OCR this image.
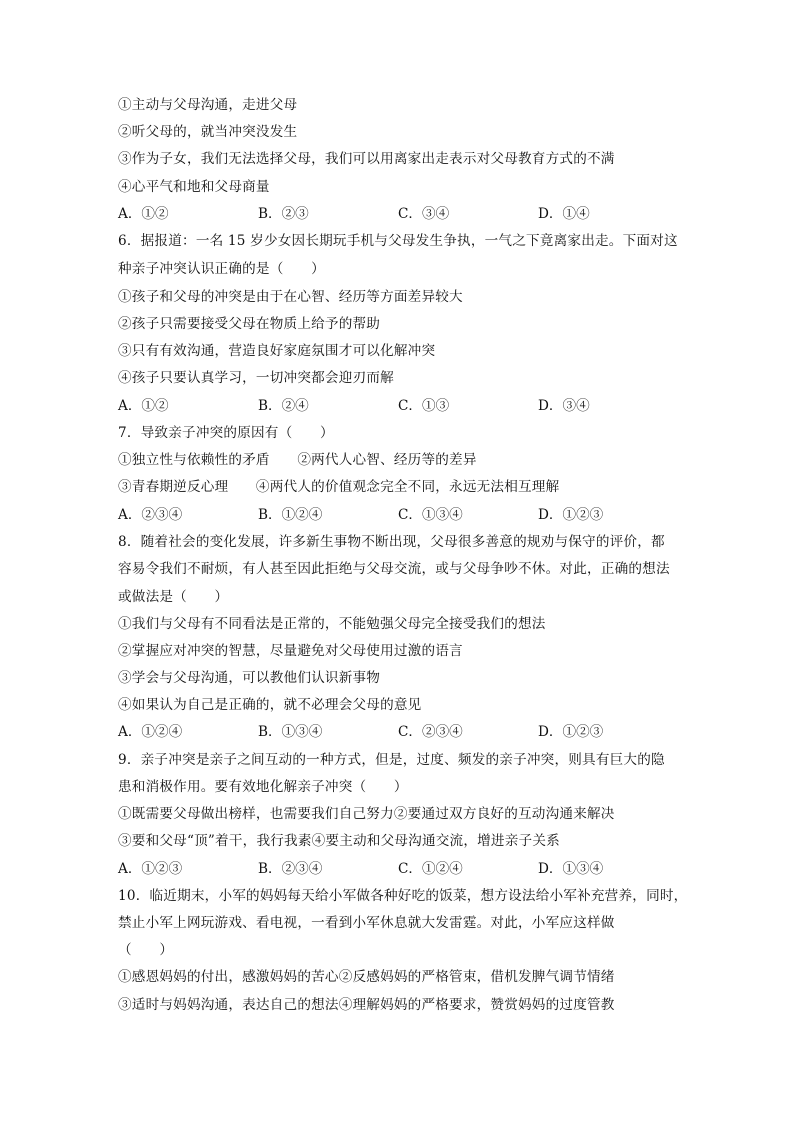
①主动与父母沟通，走进父母
②听父母的，就当冲突没发生
③作为子女，我们无法选择父母，我们可以用离家出走表示对父母教育方式的不满
④心平气和地和父母商量
A．①②	B．②③	C．③④	D．①④
6．据报道：一名 15 岁少女因长期玩手机与父母发生争执，一气之下竟离家出走。下面对这
种亲子冲突认识正确的是（　　）
①孩子和父母的冲突是由于在心智、经历等方面差异较大
②孩子只需要接受父母在物质上给予的帮助
③只有有效沟通，营造良好家庭氛围才可以化解冲突
④孩子只要认真学习，一切冲突都会迎刃而解
A．①②	B．②④	C．①③	D．③④
7．导致亲子冲突的原因有（　　）
①独立性与依赖性的矛盾　　②两代人心智、经历等的差异
③青春期逆反心理　　④两代人的价值观念完全不同，永远无法相互理解
A．②③④	B．①②④	C．①③④	D．①②③
8．随着社会的变化发展，许多新生事物不断出现，父母很多善意的规劝与保守的评价，都
容易令我们不耐烦，有人甚至因此拒绝与父母交流，或与父母争吵不休。对此，正确的想法
或做法是（　　）
①我们与父母有不同看法是正常的，不能勉强父母完全接受我们的想法
②掌握应对冲突的智慧，尽量避免对父母使用过激的语言
③学会与父母沟通，可以教他们认识新事物
④如果认为自己是正确的，就不必理会父母的意见
A．①②④	B．①③④	C．②③④	D．①②③
9．亲子冲突是亲子之间互动的一种方式，但是，过度、频发的亲子冲突，则具有巨大的隐
患和消极作用。要有效地化解亲子冲突（　　）
①既需要父母做出榜样，也需要我们自己努力②要通过双方良好的互动沟通来解决
③要和父母“顶”着干，我行我素④要主动和父母沟通交流，增进亲子关系
A．①②③	B．②③④	C．①②④	D．①③④
10．临近期末，小军的妈妈每天给小军做各种好吃的饭菜，想方设法给小军补充营养，同时，
禁止小军上网玩游戏、看电视，一看到小军休息就大发雷霆。对此，小军应这样做
（　　）
①感恩妈妈的付出，感激妈妈的苦心②反感妈妈的严格管束，借机发脾气调节情绪
③适时与妈妈沟通，表达自己的想法④理解妈妈的严格要求，赞赏妈妈的过度管教
